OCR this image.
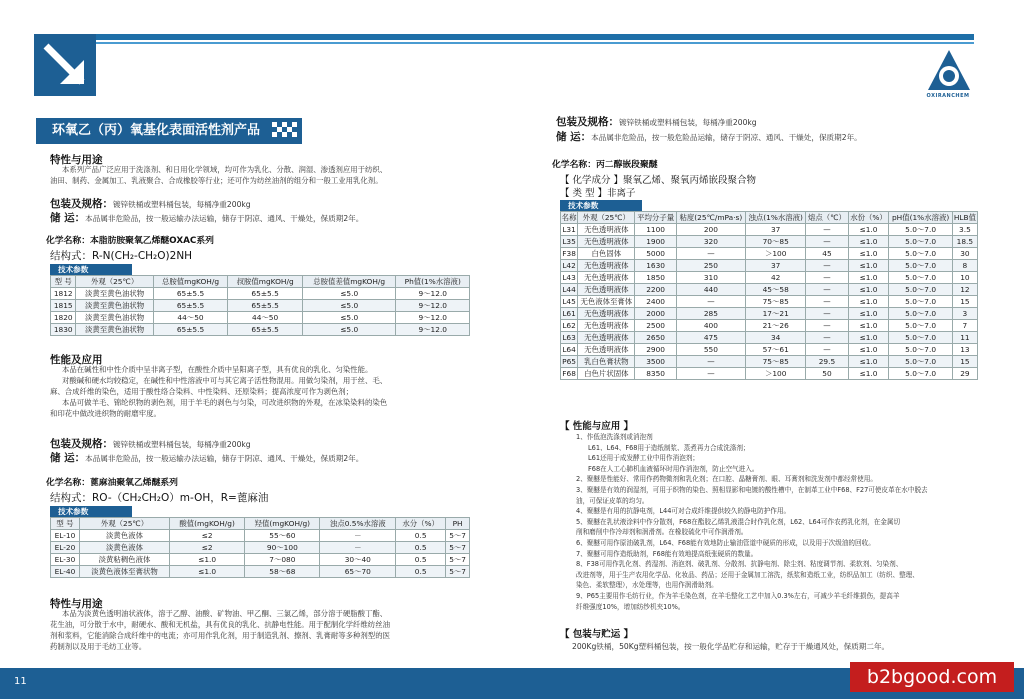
OXIRANCHEM
环氧乙（丙）氧基化表面活性剂产品
特性与用途
本系列产品广泛应用于洗涤剂、和日用化学领域，均可作为乳化、分散、润湿、渗透剂应用于纺织、
油田、制药、金属加工、乳液聚合、合成橡胶等行业；还可作为纺丝油剂的组分和一般工业用乳化剂。
包装及规格：镀锌铁桶或塑料桶包装，每桶净重200kg
储 运：本品属非危险品，按一般运输办法运输，储存于阴凉、通风、干燥处，保质期2年。
化学名称：本脂肪胺聚氧乙烯醚OXAC系列
结构式：R-N(CH₂-CH₂O)2NH
技术参数
型 号	外观（25℃）	总胺值mgKOH/g	叔胺值mgKOH/g	总胺值差值mgKOH/g	Ph值(1%水溶液)
1812	淡黄至黄色油状物	65±5.5	65±5.5	≤5.0	9～12.0
1815	淡黄至黄色油状物	65±5.5	65±5.5	≤5.0	9～12.0
1820	淡黄至黄色油状物	44～50	44～50	≤5.0	9～12.0
1830	淡黄至黄色油状物	65±5.5	65±5.5	≤5.0	9～12.0
性能及应用
本品在碱性和中性介质中呈非离子型，在酸性介质中呈阳离子型，具有优良的乳化、匀染性能。
对酸碱和硬水均较稳定，在碱性和中性溶液中可与其它离子活性物混用。用做匀染剂，用于丝、毛、
麻、合成纤维的染色，适用于酸性络合染料、中性染料、还原染料；提高浓度可作为剥色剂；
本品可做羊毛、锦纶织物的剥色剂，用于羊毛的剥色与匀染，可改进织物的外观，在冰染染料的染色
和印花中做改进织物的耐磨牢度。
包装及规格：镀锌铁桶或塑料桶包装，每桶净重200kg
储 运：本品属非危险品，按一般运输办法运输，储存于阴凉、通风、干燥处，保质期2年。
化学名称：蓖麻油聚氧乙烯醚系列
结构式：RO-（CH₂CH₂O）m-OH，R=蓖麻油
技术参数
型 号	外观（25℃）	酸值(mgKOH/g)	羟值(mgKOH/g)	浊点0.5%水溶液	水分（%）	PH
EL-10	淡黄色液体	≤2	55～60	－	0.5	5～7
EL-20	淡黄色液体	≤2	90～100	－	0.5	5～7
EL-30	淡黄粘稠色液体	≤1.0	7～080	30～40	0.5	5～7
EL-40	淡黄色液体至膏状物	≤1.0	58～68	65～70	0.5	5～7
特性与用途
本品为淡黄色透明油状液体，溶于乙醇、油酸、矿物油、甲乙酮、三氯乙烯，部分溶于硬脂酸丁酯、
花生油，可分散于水中，耐硬水、酸和无机盐，具有优良的乳化、抗静电性能。用于配制化学纤维纺丝油
剂和浆料，它能消除合成纤维中的电流；亦可用作乳化剂，用于制造乳剂、擦剂、乳膏耐等多种剂型的医
药制剂以及用于毛纺工业等。
包装及规格：镀锌铁桶或塑料桶包装，每桶净重200kg
储 运：本品属非危险品，按一般危险品运输，储存于阴凉、通风、干燥处，保质期2年。
化学名称：丙二醇嵌段聚醚
【 化学成分 】聚氧乙烯、聚氧丙烯嵌段聚合物
【 类 型 】非离子
技术参数
名称	外观（25℃）	平均分子量	粘度(25℃/mPa·s)	浊点(1%水溶液)	熔点（℃）	水份（%）	pH值(1%水溶液)	HLB值
L31	无色透明液体	1100	200	37	—	≤1.0	5.0～7.0	3.5
L35	无色透明液体	1900	320	70～85	—	≤1.0	5.0～7.0	18.5
F38	白色固体	5000	—	＞100	45	≤1.0	5.0～7.0	30
L42	无色透明液体	1630	250	37	—	≤1.0	5.0～7.0	8
L43	无色透明液体	1850	310	42	—	≤1.0	5.0～7.0	10
L44	无色透明液体	2200	440	45～58	—	≤1.0	5.0～7.0	12
L45	无色液体至膏体	2400	—	75～85	—	≤1.0	5.0～7.0	15
L61	无色透明液体	2000	285	17～21	—	≤1.0	5.0～7.0	3
L62	无色透明液体	2500	400	21～26	—	≤1.0	5.0～7.0	7
L63	无色透明液体	2650	475	34	—	≤1.0	5.0～7.0	11
L64	无色透明液体	2900	550	57～61	—	≤1.0	5.0～7.0	13
P65	乳白色膏状物	3500	—	75～85	29.5	≤1.0	5.0～7.0	15
F68	白色片状固体	8350	—	＞100	50	≤1.0	5.0～7.0	29
【 性能与应用 】
1、作低泡洗涤剂或消泡剂
L61、L64、F68用于造纸制浆、蒸煮再力合成洗涤剂；
L61还用于成发酵工业中用作消泡剂；
F68在人工心肺机血液循环时用作消泡剂，防止空气进入。
2、聚醚是性能好、常用作药物微剂和乳化剂；在口腔、晶糖膏剂、眼、耳膏剂和洗发剂中都经常使用。
3、聚醚是有效的润湿剂，可用于织物的染色、照相显影和电镀的酸性槽中，在制革工业中F68、F27可使皮革在水中脱去
油，可保证皮革的均匀。
4、聚醚是有用的抗静电剂，L44可对合成纤维提供较久的静电防护作用。
5、聚醚在乳状液涂料中作分散剂，F68在酯胶乙烯乳液混合时作乳化剂，L62、L64可作农药乳化剂，在金属切
削和磨削中作冷却剂和润滑剂。在橡胶硫化中可作润滑剂。
6、聚醚可用作原油破乳剂，L64、F68能有效地防止输油管道中硬质的形成，以及用于次级油的回收。
7、聚醚可用作造纸助剂，F68能有效地提高纸张硬质的数量。
8、F38可用作乳化剂、药湿剂、消泡剂、破乳剂、分散剂、抗静电剂、除尘剂、粘度调节剂、柔软剂、匀染剂、
改进剂等，用于生产农用化学品、化妆品、药品；还用于金属加工溶洗，纸浆和造纸工业，纺织品加工（纺织、整理、
染色、柔软整理），水处理等，也用作润滑助剂。
9、P65主要用作毛纺行业，作为羊毛染色剂，在羊毛整化工艺中加入0.3%左右，可减少羊毛纤维损伤，提高羊
纤维强度10%，增加纺纱机夹10%。
【 包装与贮运 】
200Kg铁桶，50Kg塑料桶包装，按一般化学品贮存和运输，贮存于干燥通风处，保质期二年。
11	b2bgood.com
